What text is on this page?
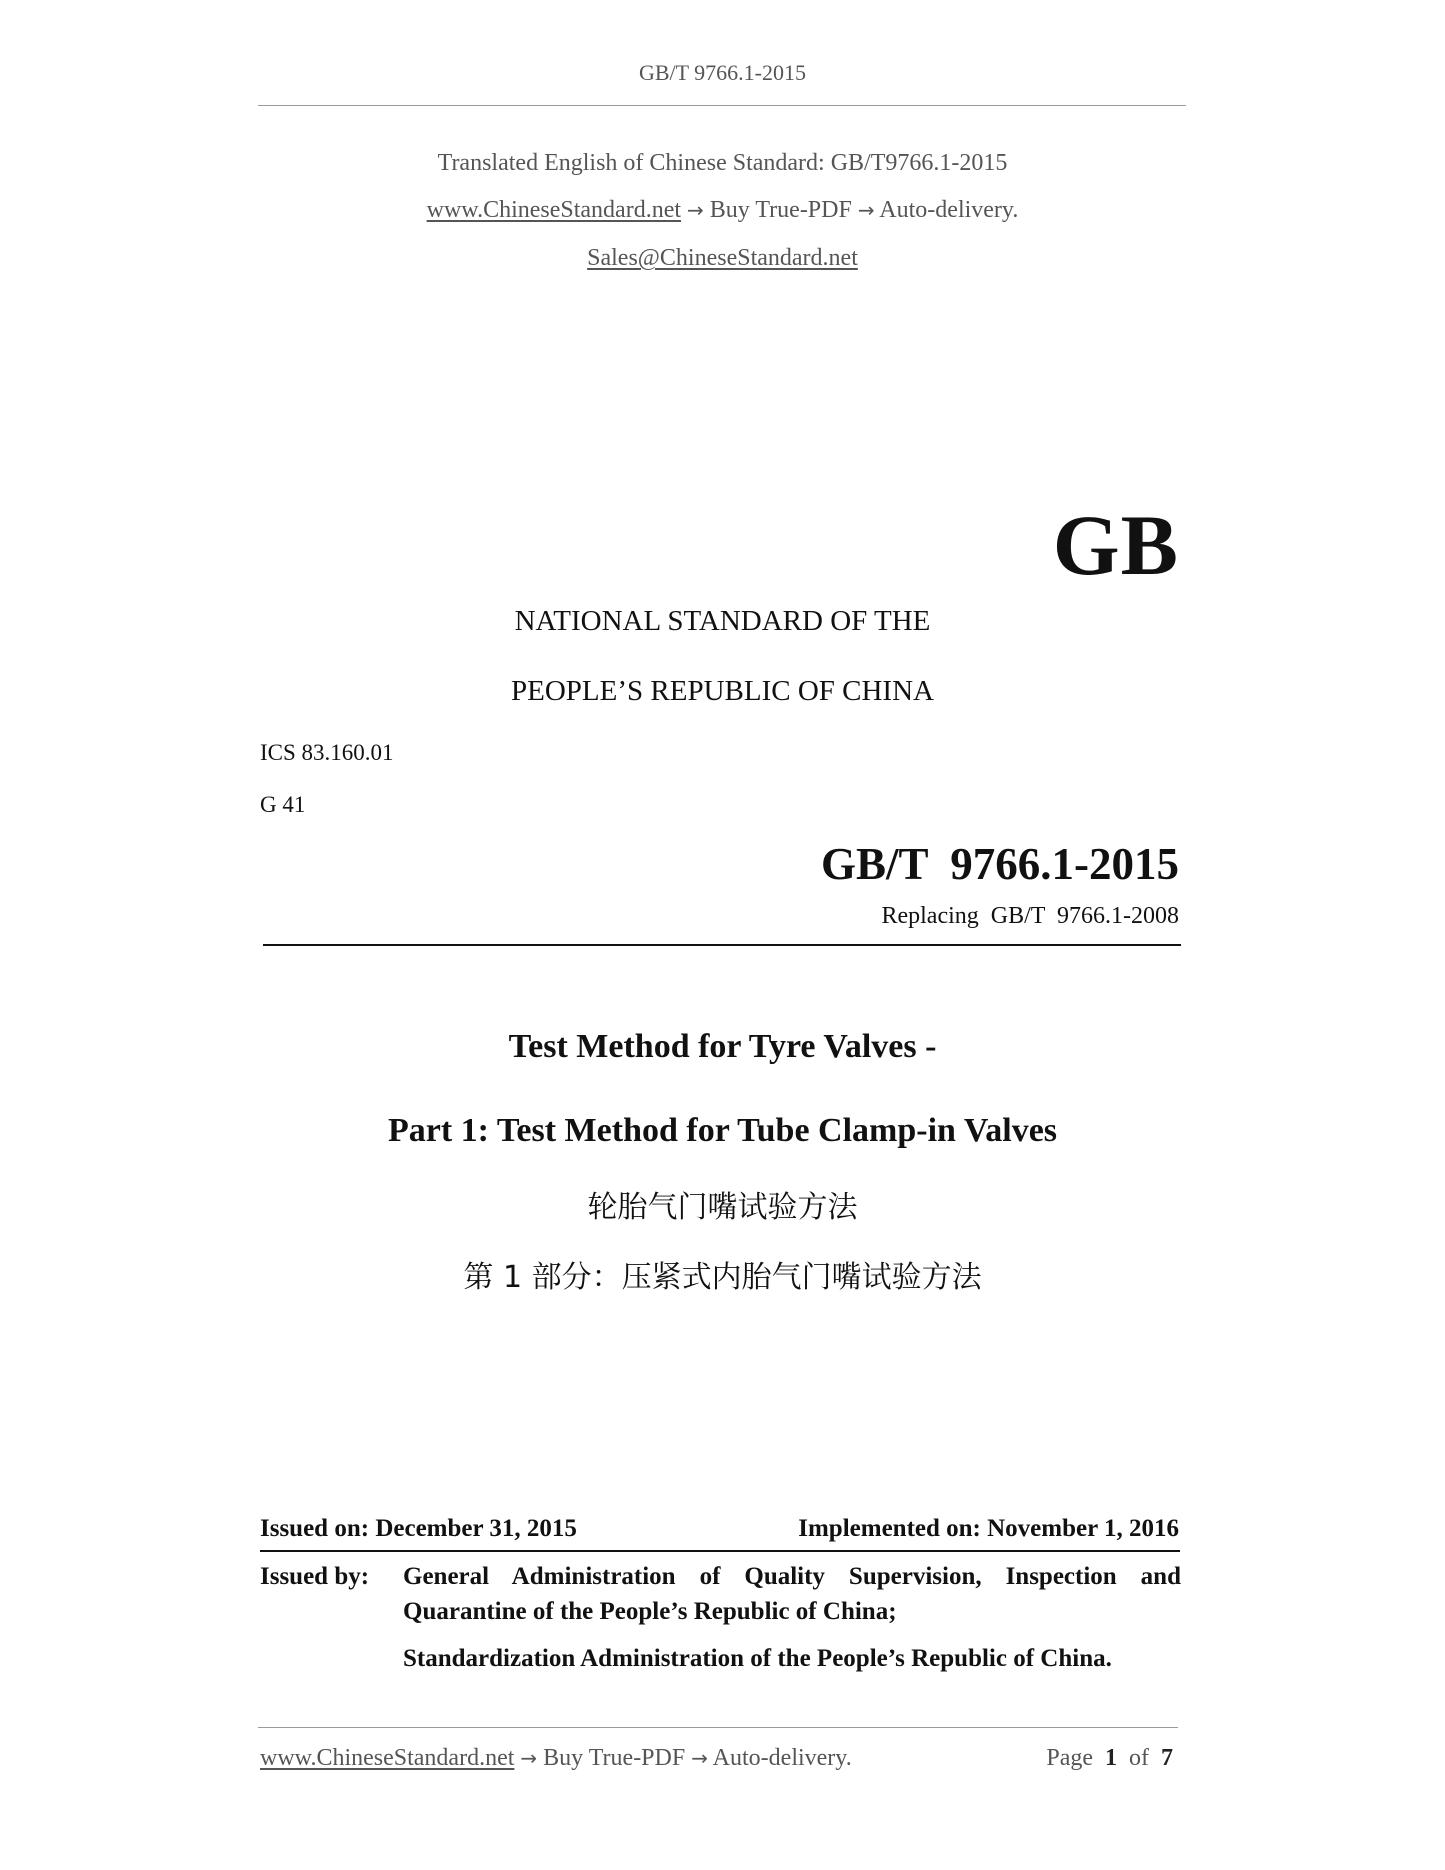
GB/T 9766.1-2015
Translated English of Chinese Standard: GB/T9766.1-2015
www.ChineseStandard.net → Buy True-PDF → Auto-delivery.
Sales@ChineseStandard.net
GB
NATIONAL STANDARD OF THE
PEOPLE’S REPUBLIC OF CHINA
ICS 83.160.01
G 41
GB/T  9766.1-2015
Replacing  GB/T  9766.1-2008
Test Method for Tyre Valves -
Part 1: Test Method for Tube Clamp-in Valves
轮胎气门嘴试验方法
第 1 部分：压紧式内胎气门嘴试验方法
Issued on: December 31, 2015	Implemented on: November 1, 2016
Issued by: General Administration of Quality Supervision, Inspection and
Quarantine of the People’s Republic of China;
Standardization Administration of the People’s Republic of China.
www.ChineseStandard.net → Buy True-PDF → Auto-delivery.	Page 1 of 7
